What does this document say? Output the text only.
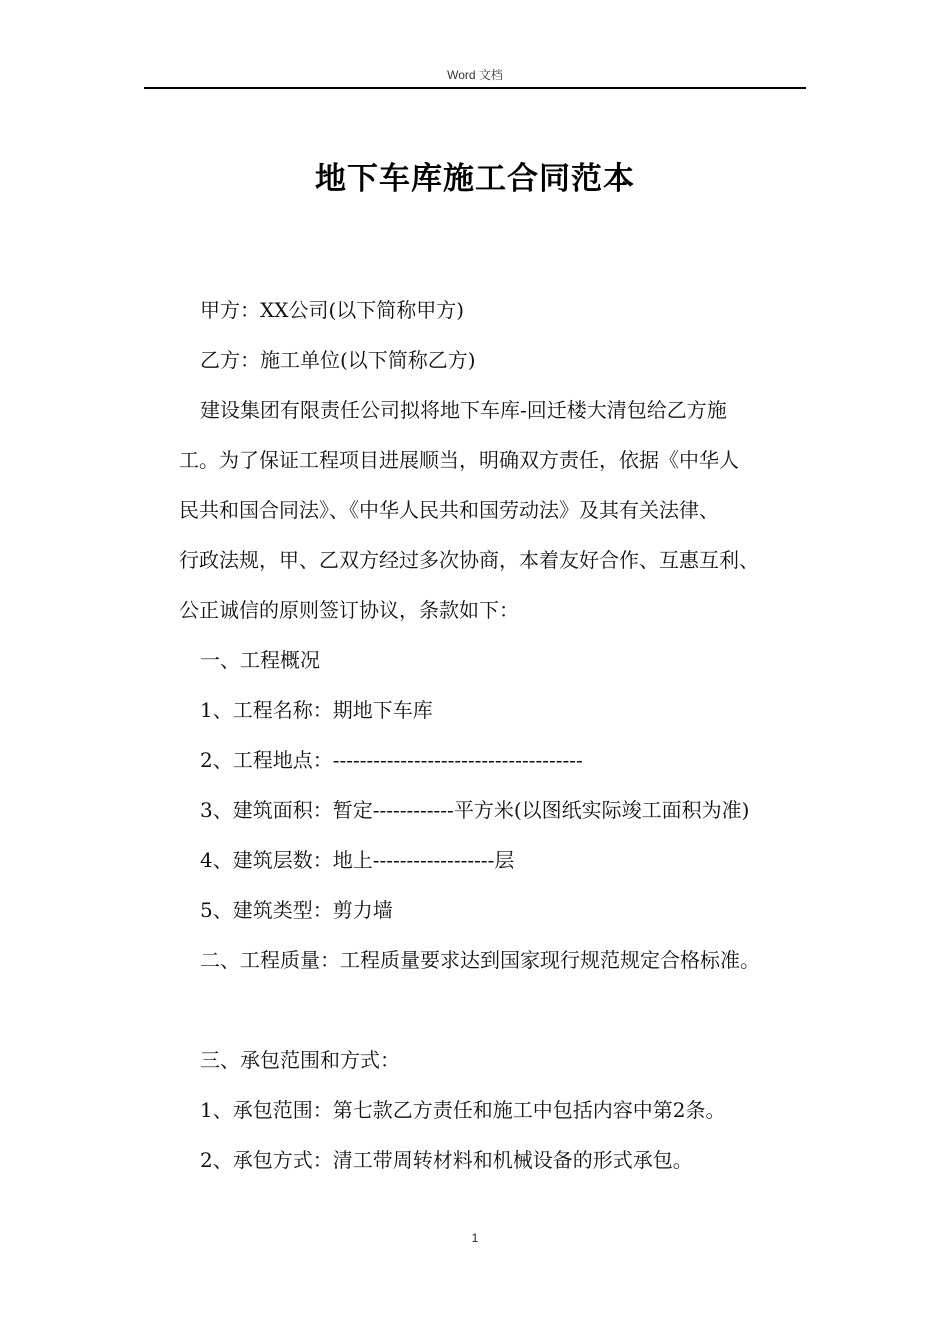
Word 文档
地下车库施工合同范本
甲方：XX公司(以下简称甲方)
乙方：施工单位(以下简称乙方)
建设集团有限责任公司拟将地下车库-回迁楼大清包给乙方施
工。为了保证工程项目进展顺当，明确双方责任，依据《中华人
民共和国合同法》、《中华人民共和国劳动法》及其有关法律、
行政法规，甲、乙双方经过多次协商，本着友好合作、互惠互利、
公正诚信的原则签订协议，条款如下：
一、工程概况
1、工程名称：期地下车库
2、工程地点：-------------------------------------
3、建筑面积：暂定------------平方米(以图纸实际竣工面积为准)
4、建筑层数：地上------------------层
5、建筑类型：剪力墙
二、工程质量：工程质量要求达到国家现行规范规定合格标准。
三、承包范围和方式：
1、承包范围：第七款乙方责任和施工中包括内容中第2条。
2、承包方式：清工带周转材料和机械设备的形式承包。
1
